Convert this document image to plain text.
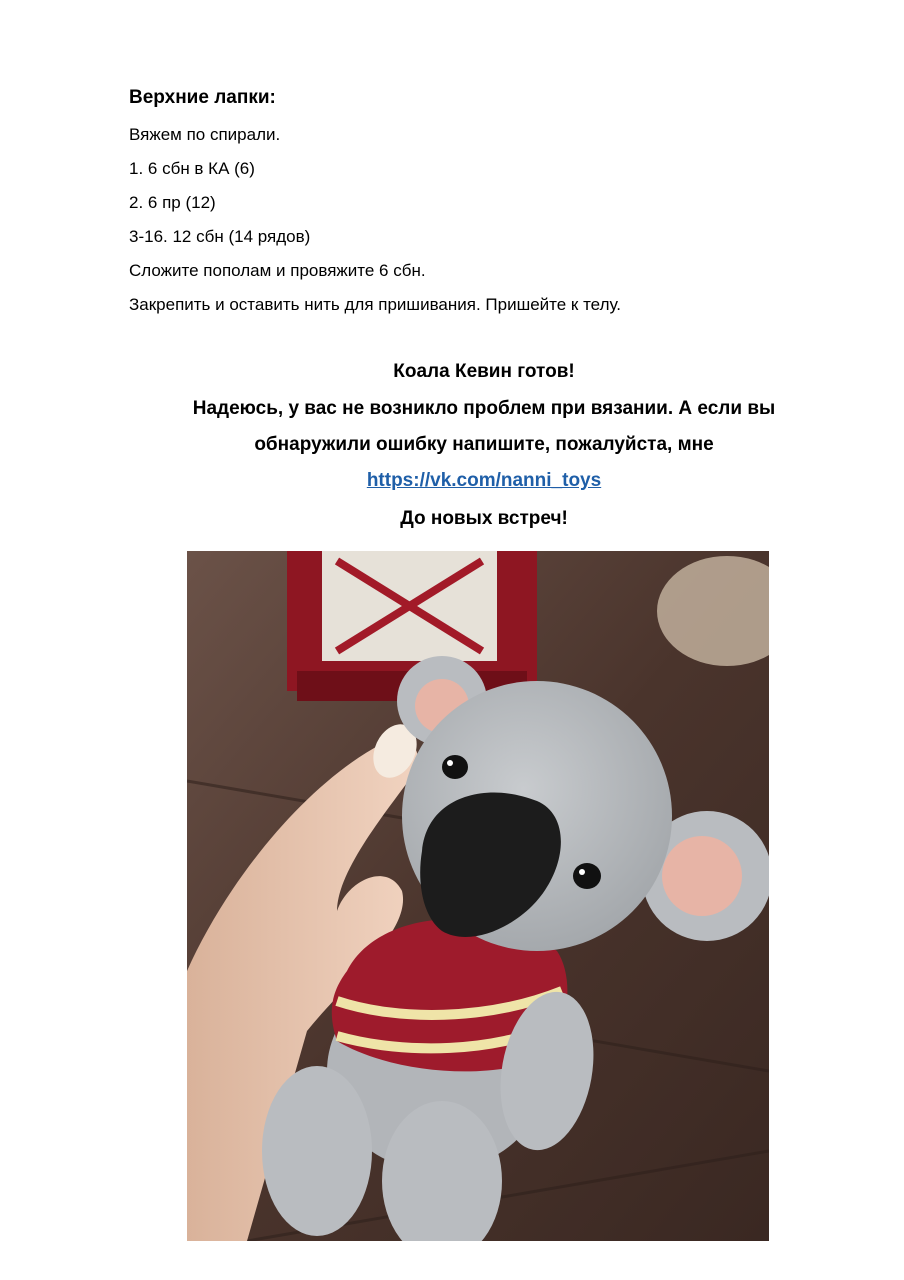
Верхние лапки:
Вяжем по спирали.
1. 6 сбн в КА (6)
2. 6 пр (12)
3-16. 12 сбн (14 рядов)
Сложите пополам и провяжите 6 сбн.
Закрепить и оставить нить для пришивания. Пришейте к телу.
Коала Кевин готов!
Надеюсь, у вас не возникло проблем при вязании. А если вы
обнаружили ошибку напишите, пожалуйста, мне
https://vk.com/nanni_toys
До новых встреч!
